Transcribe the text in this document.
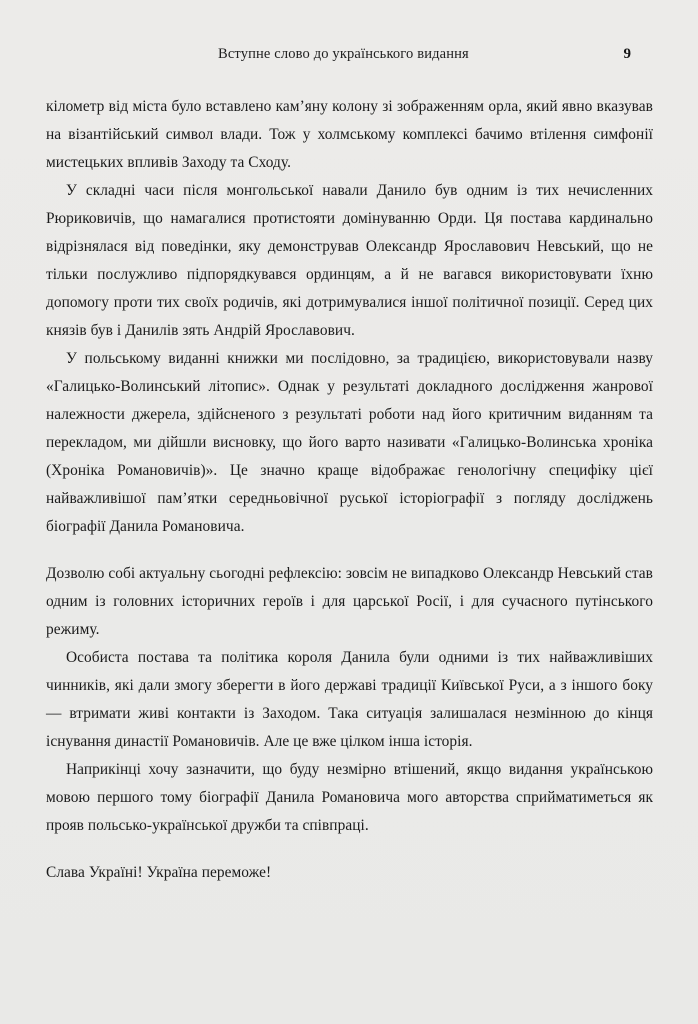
Вступне слово до українського видання	9

кілометр від міста було вставлено кам’яну колону зі зображенням орла, який явно вказував на візантійський символ влади. Тож у холмському комплексі бачимо втілення симфонії мистецьких впливів Заходу та Сходу.

У складні часи після монгольської навали Данило був одним із тих нечисленних Рюриковичів, що намагалися протистояти домінуванню Орди. Ця постава кардинально відрізнялася від поведінки, яку демонстрував Олександр Ярославович Невський, що не тільки послужливо підпорядкувався ординцям, а й не вагався використовувати їхню допомогу проти тих своїх родичів, які дотримувалися іншої політичної позиції. Серед цих князів був і Данилів зять Андрій Ярославович.

У польському виданні книжки ми послідовно, за традицією, використовували назву «Галицько-Волинський літопис». Однак у результаті докладного дослідження жанрової належности джерела, здійсненого з результаті роботи над його критичним виданням та перекладом, ми дійшли висновку, що його варто називати «Галицько-Волинська хроніка (Хроніка Романовичів)». Це значно краще відображає генологічну специфіку цієї найважливішої пам’ятки середньовічної руської історіографії з погляду досліджень біографії Данила Романовича.

Дозволю собі актуальну сьогодні рефлексію: зовсім не випадково Олександр Невський став одним із головних історичних героїв і для царської Росії, і для сучасного путінського режиму.

Особиста постава та політика короля Данила були одними із тих найважливіших чинників, які дали змогу зберегти в його державі традиції Київської Руси, а з іншого боку — втримати живі контакти із Заходом. Така ситуація залишалася незмінною до кінця існування династії Романовичів. Але це вже цілком інша історія.

Наприкінці хочу зазначити, що буду незмірно втішений, якщо видання українською мовою першого тому біографії Данила Романовича мого авторства сприйматиметься як прояв польсько-української дружби та співпраці.

Слава Україні! Україна переможе!
